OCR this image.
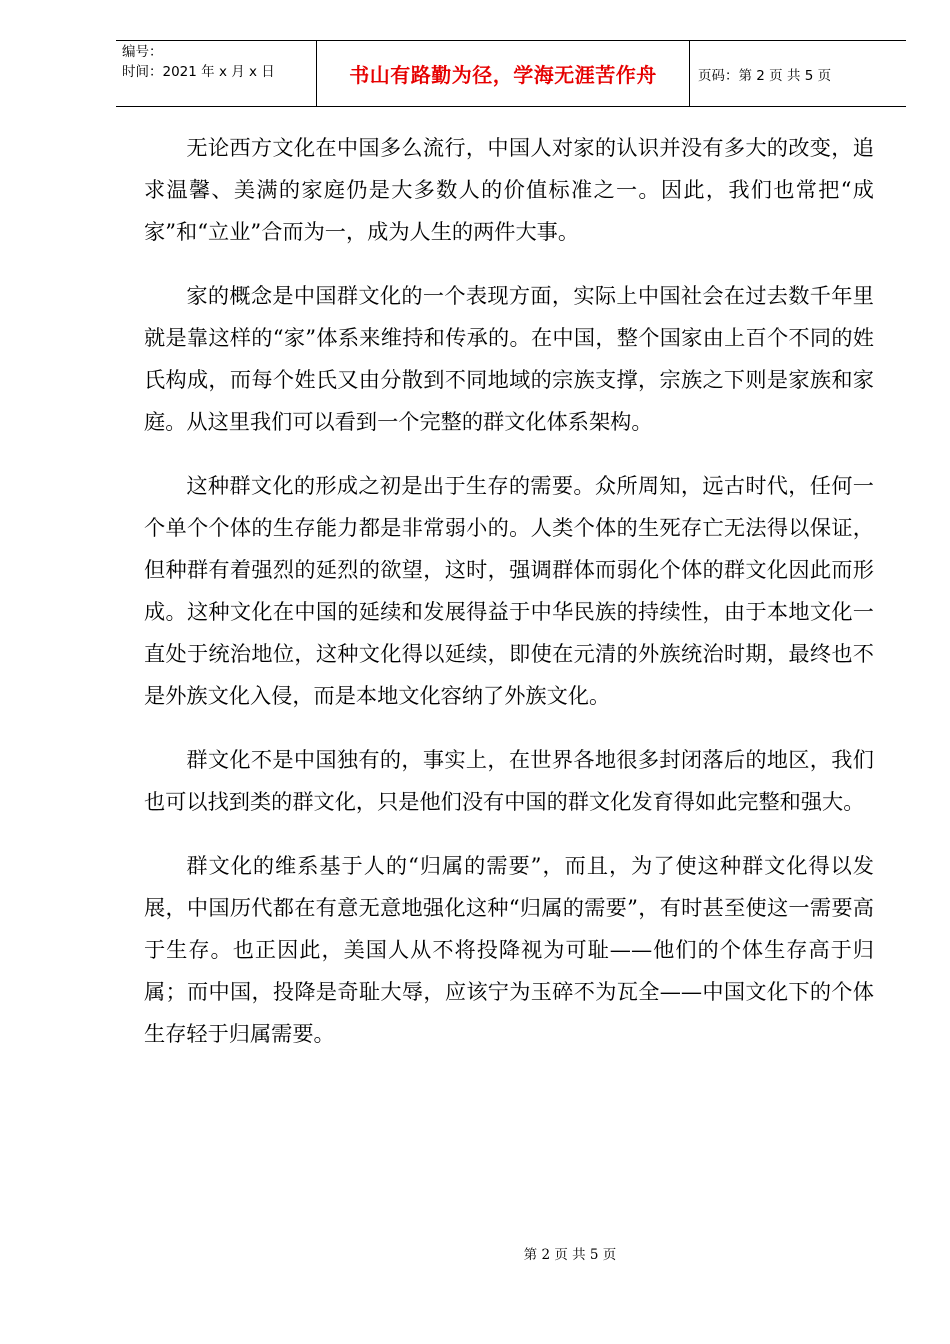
编号：
时间：2021 年 x 月 x 日	书山有路勤为径，学海无涯苦作舟	页码：第 2 页 共 5 页

无论西方文化在中国多么流行，中国人对家的认识并没有多大的改变，追求温馨、美满的家庭仍是大多数人的价值标准之一。因此，我们也常把“成家”和“立业”合而为一，成为人生的两件大事。

家的概念是中国群文化的一个表现方面，实际上中国社会在过去数千年里就是靠这样的“家”体系来维持和传承的。在中国，整个国家由上百个不同的姓氏构成，而每个姓氏又由分散到不同地域的宗族支撑，宗族之下则是家族和家庭。从这里我们可以看到一个完整的群文化体系架构。

这种群文化的形成之初是出于生存的需要。众所周知，远古时代，任何一个单个个体的生存能力都是非常弱小的。人类个体的生死存亡无法得以保证，但种群有着强烈的延烈的欲望，这时，强调群体而弱化个体的群文化因此而形成。这种文化在中国的延续和发展得益于中华民族的持续性，由于本地文化一直处于统治地位，这种文化得以延续，即使在元清的外族统治时期，最终也不是外族文化入侵，而是本地文化容纳了外族文化。

群文化不是中国独有的，事实上，在世界各地很多封闭落后的地区，我们也可以找到类的群文化，只是他们没有中国的群文化发育得如此完整和强大。

群文化的维系基于人的“归属的需要”，而且，为了使这种群文化得以发展，中国历代都在有意无意地强化这种“归属的需要”，有时甚至使这一需要高于生存。也正因此，美国人从不将投降视为可耻——他们的个体生存高于归属；而中国，投降是奇耻大辱，应该宁为玉碎不为瓦全——中国文化下的个体生存轻于归属需要。

第 2 页 共 5 页
